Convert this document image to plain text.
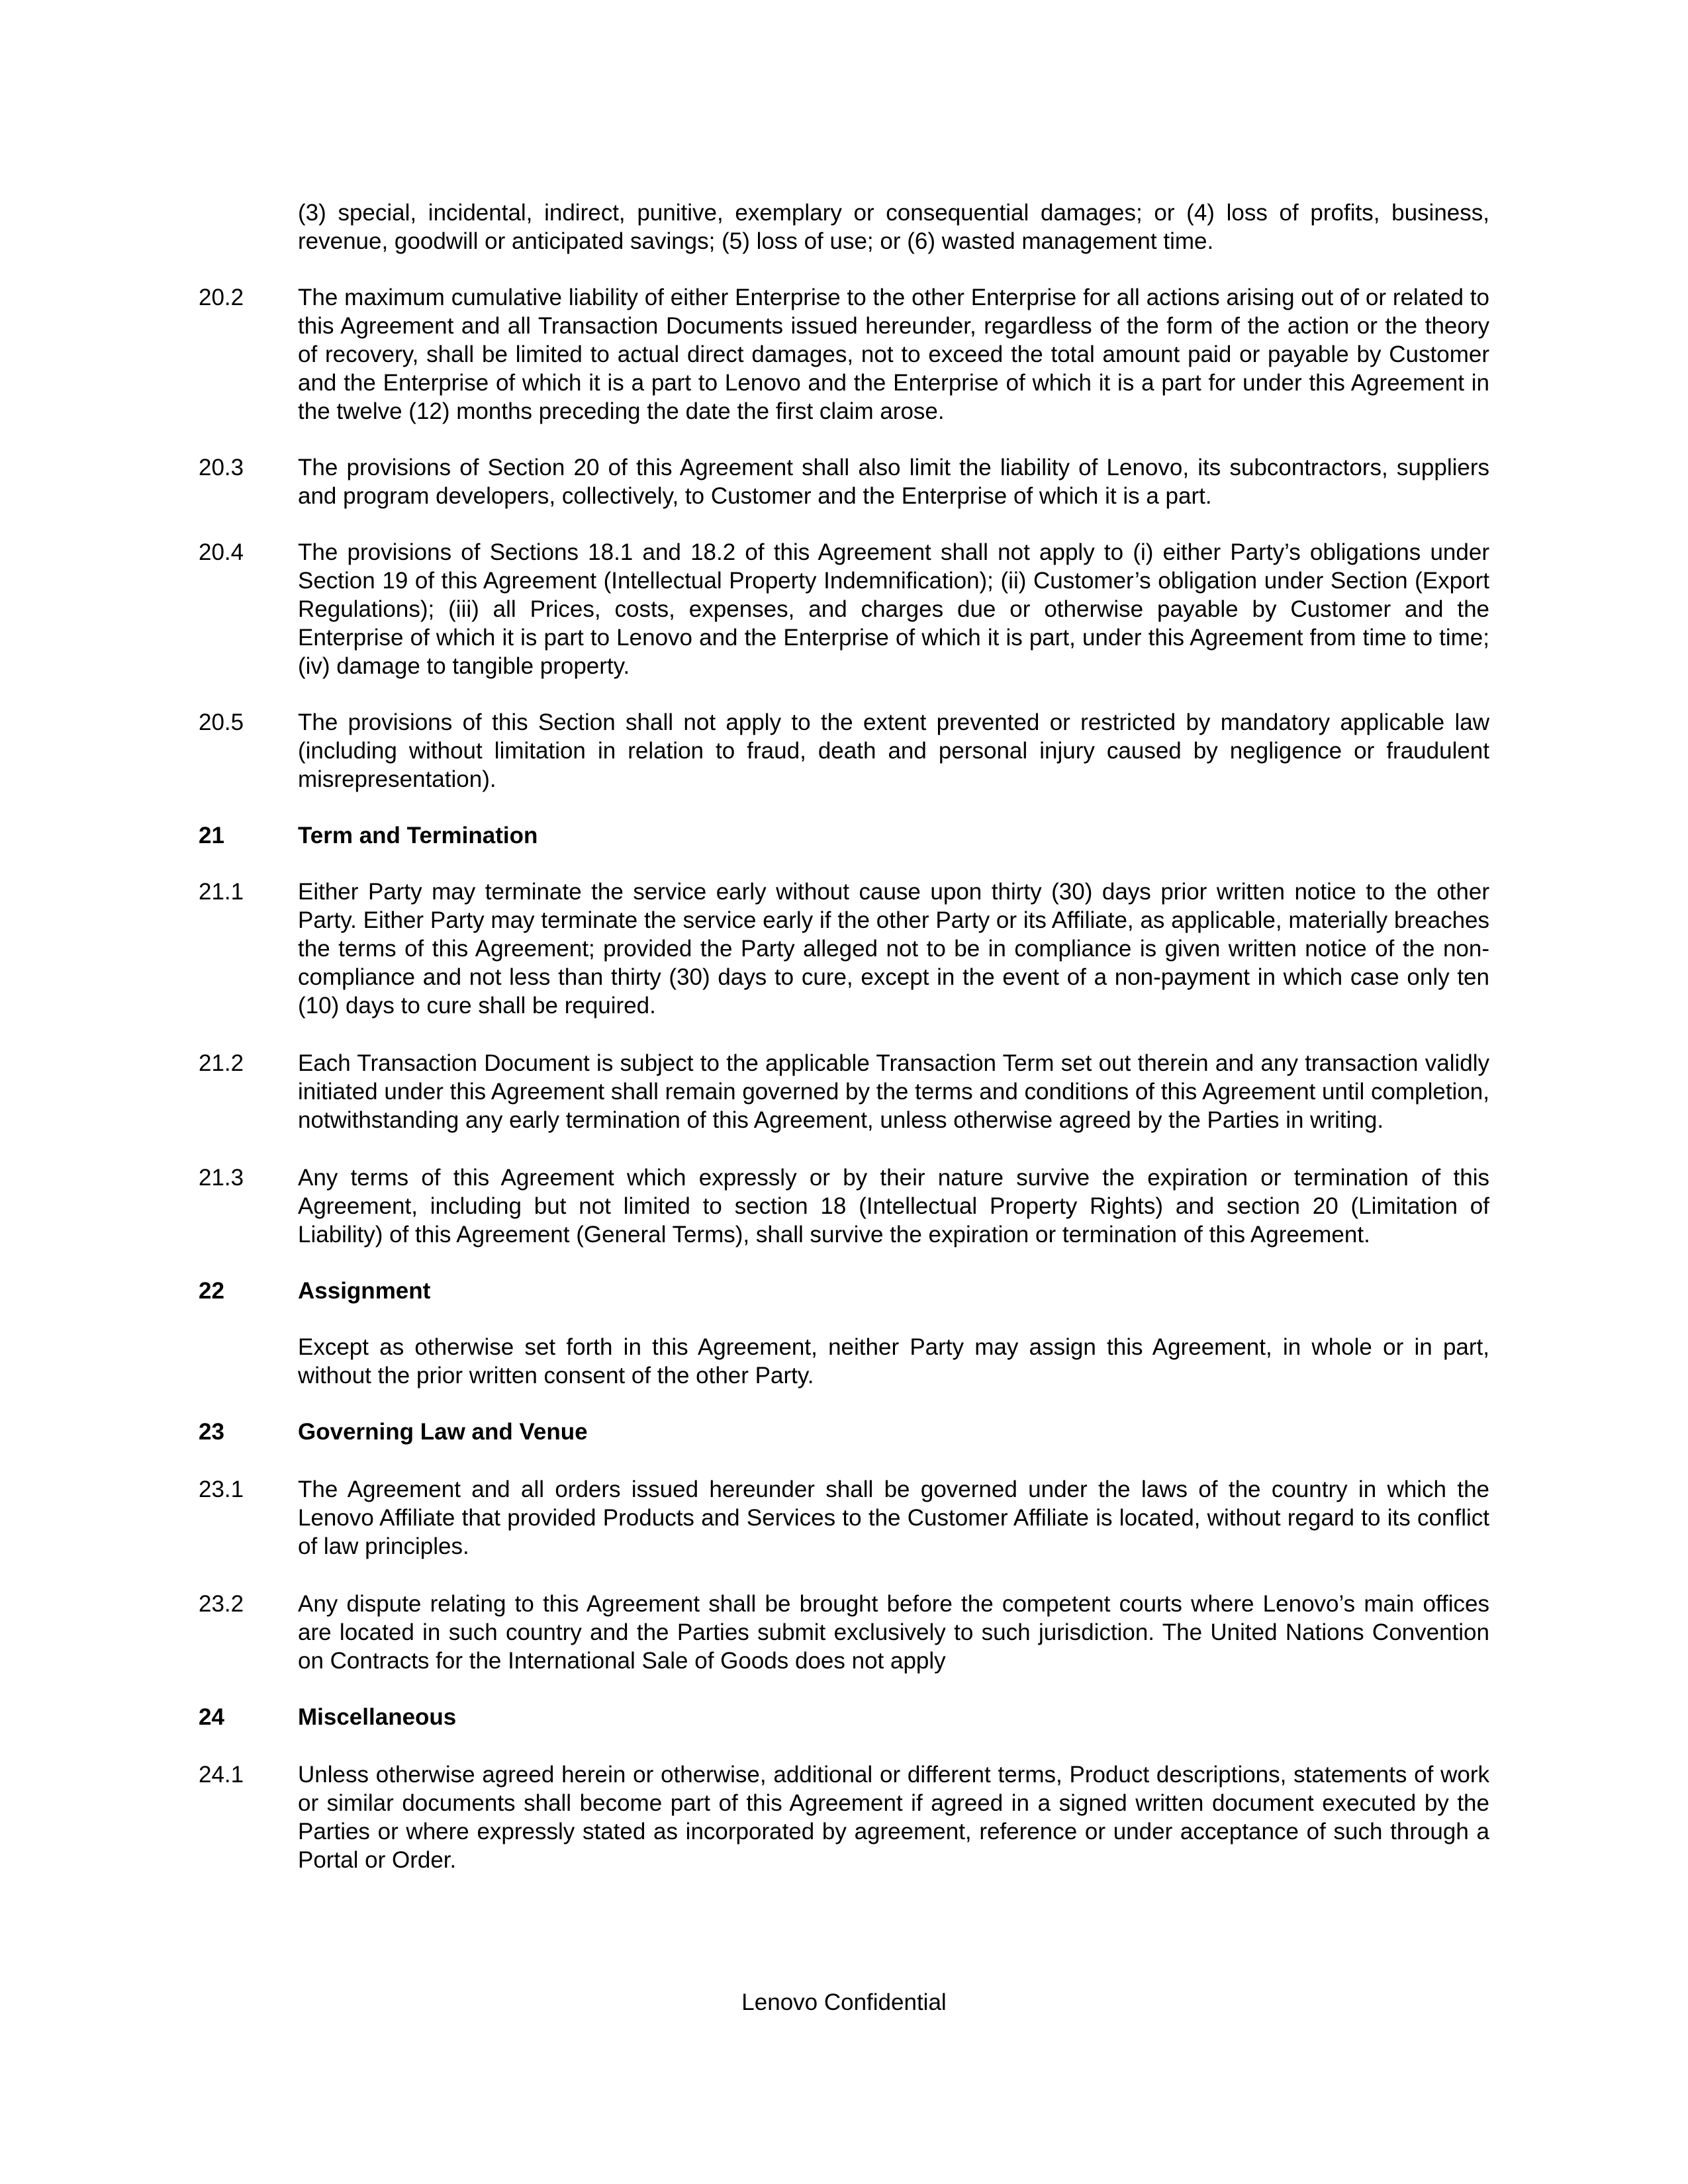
(3) special, incidental, indirect, punitive, exemplary or consequential damages; or (4) loss of profits, business, revenue, goodwill or anticipated savings; (5) loss of use; or (6) wasted management time.
20.2	The maximum cumulative liability of either Enterprise to the other Enterprise for all actions arising out of or related to this Agreement and all Transaction Documents issued hereunder, regardless of the form of the action or the theory of recovery, shall be limited to actual direct damages, not to exceed the total amount paid or payable by Customer and the Enterprise of which it is a part to Lenovo and the Enterprise of which it is a part for under this Agreement in the twelve (12) months preceding the date the first claim arose.
20.3	The provisions of Section 20 of this Agreement shall also limit the liability of Lenovo, its subcontractors, suppliers and program developers, collectively, to Customer and the Enterprise of which it is a part.
20.4	The provisions of Sections 18.1 and 18.2 of this Agreement shall not apply to (i) either Party’s obligations under Section 19 of this Agreement (Intellectual Property Indemnification); (ii) Customer’s obligation under Section (Export Regulations); (iii) all Prices, costs, expenses, and charges due or otherwise payable by Customer and the Enterprise of which it is part to Lenovo and the Enterprise of which it is part, under this Agreement from time to time; (iv) damage to tangible property.
20.5	The provisions of this Section shall not apply to the extent prevented or restricted by mandatory applicable law (including without limitation in relation to fraud, death and personal injury caused by negligence or fraudulent misrepresentation).
21	Term and Termination
21.1	Either Party may terminate the service early without cause upon thirty (30) days prior written notice to the other Party. Either Party may terminate the service early if the other Party or its Affiliate, as applicable, materially breaches the terms of this Agreement; provided the Party alleged not to be in compliance is given written notice of the non-compliance and not less than thirty (30) days to cure, except in the event of a non-payment in which case only ten (10) days to cure shall be required.
21.2	Each Transaction Document is subject to the applicable Transaction Term set out therein and any transaction validly initiated under this Agreement shall remain governed by the terms and conditions of this Agreement until completion, notwithstanding any early termination of this Agreement, unless otherwise agreed by the Parties in writing.
21.3	Any terms of this Agreement which expressly or by their nature survive the expiration or termination of this Agreement, including but not limited to section 18 (Intellectual Property Rights) and section 20 (Limitation of Liability) of this Agreement (General Terms), shall survive the expiration or termination of this Agreement.
22	Assignment
Except as otherwise set forth in this Agreement, neither Party may assign this Agreement, in whole or in part, without the prior written consent of the other Party.
23	Governing Law and Venue
23.1	The Agreement and all orders issued hereunder shall be governed under the laws of the country in which the Lenovo Affiliate that provided Products and Services to the Customer Affiliate is located, without regard to its conflict of law principles.
23.2	Any dispute relating to this Agreement shall be brought before the competent courts where Lenovo’s main offices are located in such country and the Parties submit exclusively to such jurisdiction. The United Nations Convention on Contracts for the International Sale of Goods does not apply
24	Miscellaneous
24.1	Unless otherwise agreed herein or otherwise, additional or different terms, Product descriptions, statements of work or similar documents shall become part of this Agreement if agreed in a signed written document executed by the Parties or where expressly stated as incorporated by agreement, reference or under acceptance of such through a Portal or Order.
Lenovo Confidential
